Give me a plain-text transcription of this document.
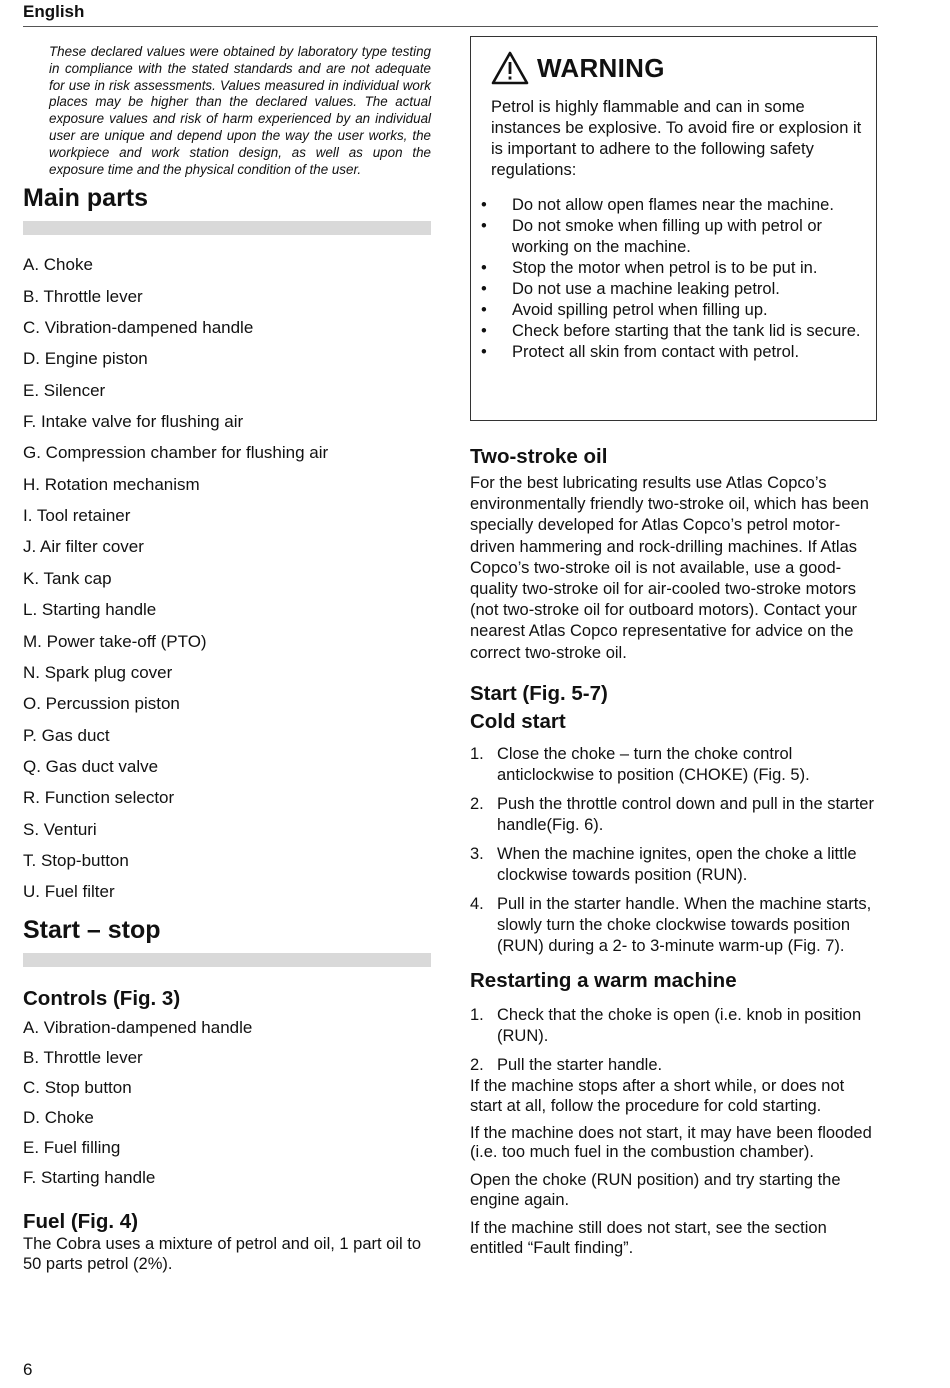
English

These declared values were obtained by laboratory type testing in compliance with the stated standards and are not adequate for use in risk assessments. Values measured in individual work places may be higher than the declared values. The actual exposure values and risk of harm experienced by an individual user are unique and depend upon the way the user works, the workpiece and work station design, as well as upon the exposure time and the physical condition of the user.

Main parts
A. Choke
B. Throttle lever
C. Vibration-dampened handle
D. Engine piston
E. Silencer
F. Intake valve for flushing air
G. Compression chamber for flushing air
H. Rotation mechanism
I. Tool retainer
J. Air filter cover
K. Tank cap
L. Starting handle
M. Power take-off (PTO)
N. Spark plug cover
O. Percussion piston
P. Gas duct
Q. Gas duct valve
R. Function selector
S. Venturi
T. Stop-button
U. Fuel filter
Start – stop
Controls (Fig. 3)
A. Vibration-dampened handle
B. Throttle lever
C. Stop button
D. Choke
E. Fuel filling
F. Starting handle
Fuel (Fig. 4)

The Cobra uses a mixture of petrol and oil, 1 part oil to 50 parts petrol (2%).

WARNING

Petrol is highly flammable and can in some instances be explosive. To avoid fire or explosion it is important to adhere to the following safety regulations:

•	Do not allow open flames near the machine.
•	Do not smoke when filling up with petrol or working on the machine.
•	Stop the motor when petrol is to be put in.
•	Do not use a machine leaking petrol.
•	Avoid spilling petrol when filling up.
•	Check before starting that the tank lid is secure.
•	Protect all skin from contact with petrol.
Two-stroke oil

For the best lubricating results use Atlas Copco’s environmentally friendly two-stroke oil, which has been specially developed for Atlas Copco’s petrol motor-driven hammering and rock-drilling machines. If Atlas Copco’s two-stroke oil is not available, use a good-quality two-stroke oil for air-cooled two-stroke motors (not two-stroke oil for outboard motors). Contact your nearest Atlas Copco representative for advice on the correct two-stroke oil.

Start (Fig. 5-7)
Cold start
1. Close the choke – turn the choke control anticlockwise to position (CHOKE) (Fig. 5).
2. Push the throttle control down and pull in the starter handle(Fig. 6).
3. When the machine ignites, open the choke a little clockwise towards position (RUN).
4. Pull in the starter handle. When the machine starts, slowly turn the choke clockwise towards position (RUN) during a 2- to 3-minute warm-up (Fig. 7).
Restarting a warm machine
1. Check that the choke is open (i.e. knob in position (RUN).
2. Pull the starter handle.

If the machine stops after a short while, or does not start at all, follow the procedure for cold starting.

If the machine does not start, it may have been flooded (i.e. too much fuel in the combustion chamber).

Open the choke (RUN position) and try starting the engine again.

If the machine still does not start, see the section entitled “Fault finding”.

6
